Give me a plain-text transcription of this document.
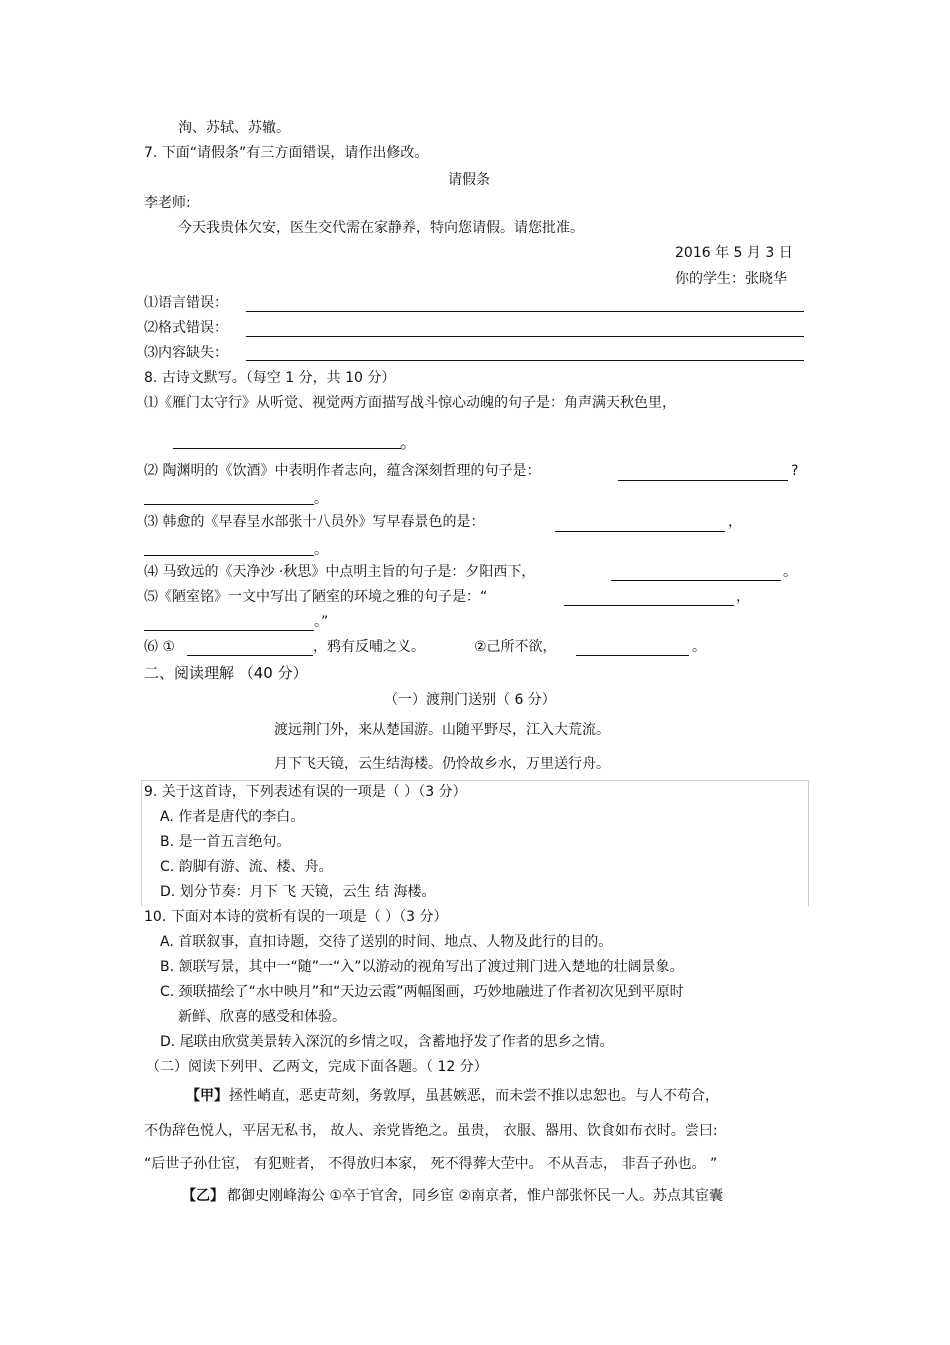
洵、苏轼、苏辙。
7. 下面“请假条”有三方面错误，请作出修改。
请假条
李老师:
今天我贵体欠安，医生交代需在家静养，特向您请假。请您批准。
2016 年 5 月 3 日
你的学生：张晓华
⑴语言错误：
⑵格式错误：
⑶内容缺失：
8. 古诗文默写。（每空 1 分，共 10 分）
⑴《雁门太守行》从听觉、视觉两方面描写战斗惊心动魄的句子是：角声满天秋色里，
。
⑵ 陶渊明的《饮酒》中表明作者志向，蕴含深刻哲理的句子是：	?
。
⑶ 韩愈的《早春呈水部张十八员外》写早春景色的是：	，
。
⑷ 马致远的《天净沙 ·秋思》中点明主旨的句子是：夕阳西下，	。
⑸《陋室铭》一文中写出了陋室的环境之雅的句子是：“	，
。”
⑹ ①	，鸦有反哺之义。	②己所不欲，	。
二、阅读理解 （40 分）
（一）渡荆门送别（ 6 分）
渡远荆门外，来从楚国游。山随平野尽，江入大荒流。
月下飞天镜，云生结海楼。仍怜故乡水，万里送行舟。
9. 关于这首诗，下列表述有误的一项是（ ）（3 分）
A. 作者是唐代的李白。
B. 是一首五言绝句。
C. 韵脚有游、流、楼、舟。
D. 划分节奏：月下 飞 天镜，云生 结 海楼。
10. 下面对本诗的赏析有误的一项是（ ）（3 分）
A. 首联叙事，直扣诗题，交待了送别的时间、地点、人物及此行的目的。
B. 颔联写景，其中一“随”一“入”以游动的视角写出了渡过荆门进入楚地的壮阔景象。
C. 颈联描绘了“水中映月”和“天边云霞”两幅图画，巧妙地融进了作者初次见到平原时
新鲜、欣喜的感受和体验。
D. 尾联由欣赏美景转入深沉的乡情之叹，含蓄地抒发了作者的思乡之情。
（二）阅读下列甲、乙两文，完成下面各题。（ 12 分）
【甲】 拯性峭直，恶吏苛刻，务敦厚，虽甚嫉恶，而未尝不推以忠恕也。与人不苟合，
不伪辞色悦人，平居无私书， 故人、亲党皆绝之。虽贵， 衣服、器用、饮食如布衣时。尝曰:
“后世子孙仕宦， 有犯赃者， 不得放归本家， 死不得葬大茔中。 不从吾志， 非吾子孙也。 ”
【乙】 都御史刚峰海公 ①卒于官舍，同乡宦 ②南京者，惟户部张怀民一人。苏点其宦囊
